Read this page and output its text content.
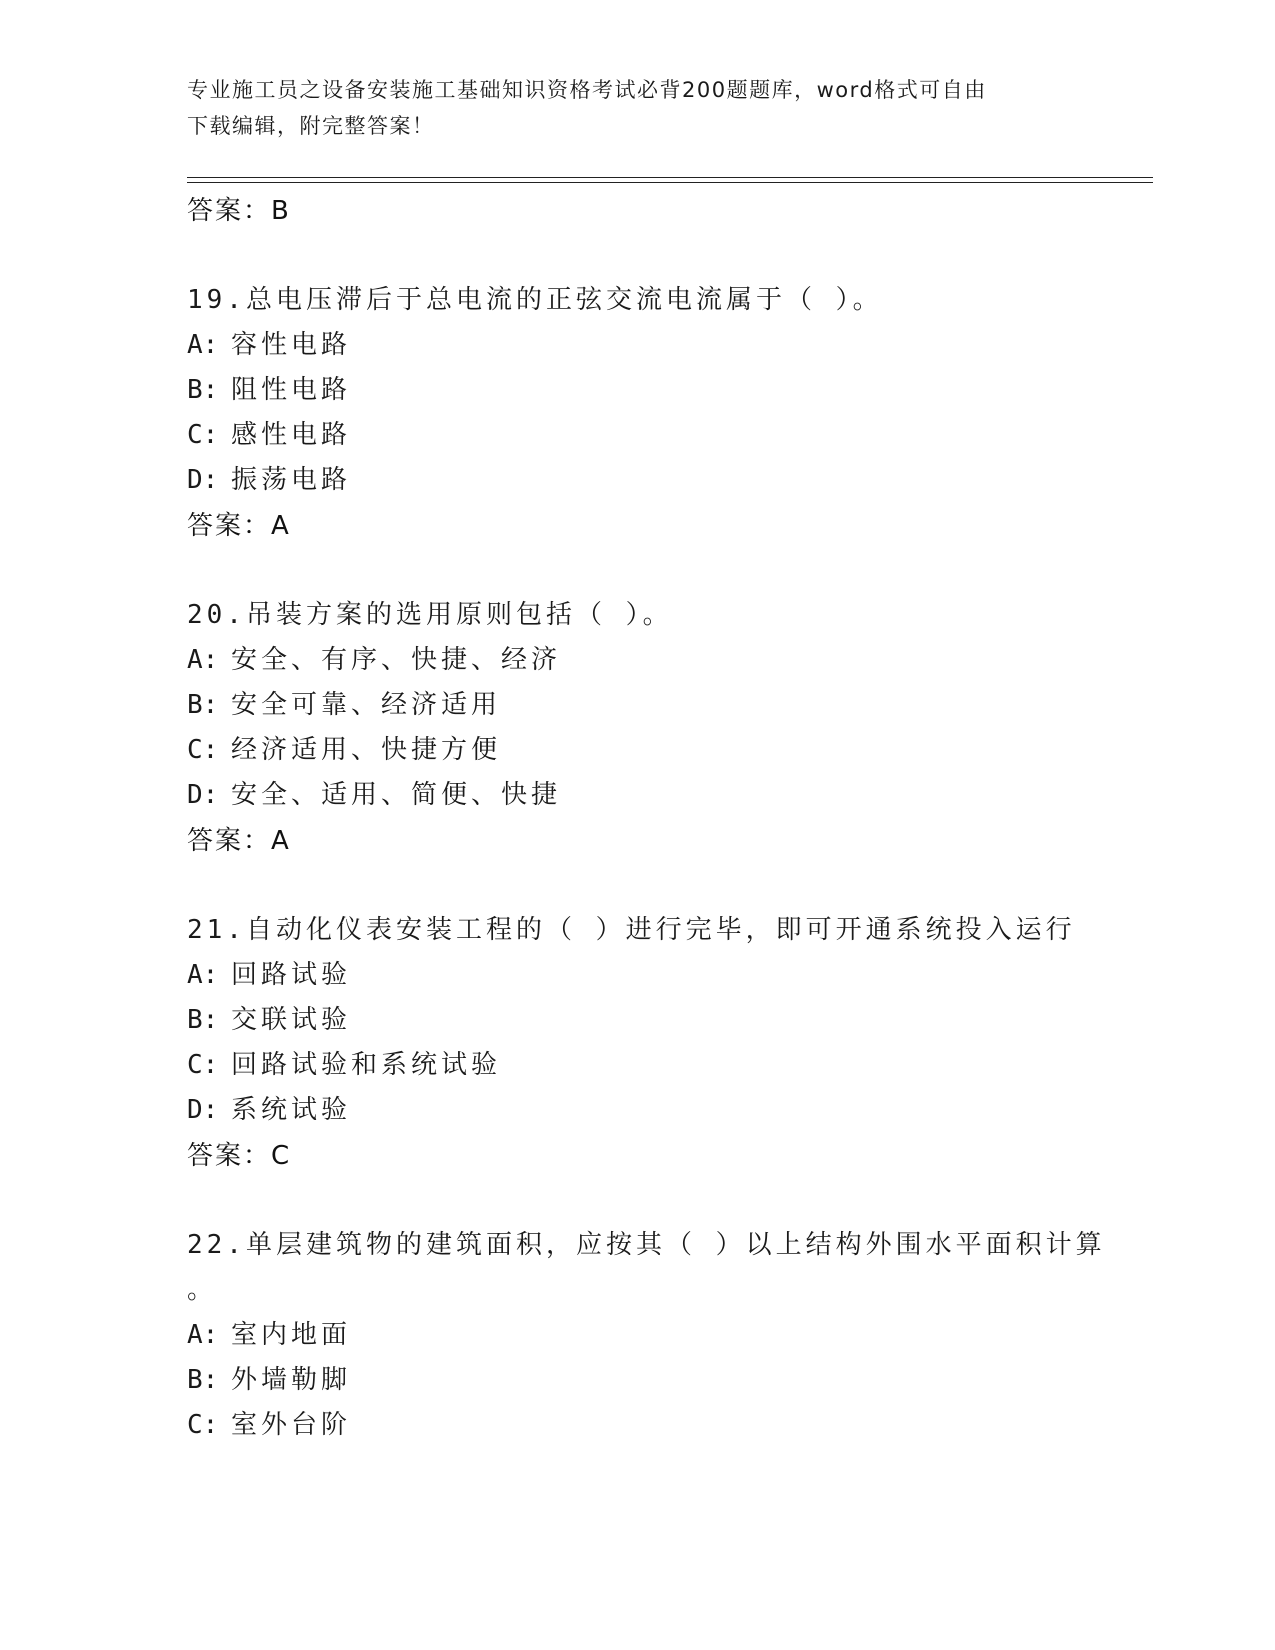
专业施工员之设备安装施工基础知识资格考试必背200题题库，word格式可自由
下载编辑，附完整答案！
答案：B
19.总电压滞后于总电流的正弦交流电流属于（ ）。
A: 容性电路
B: 阻性电路
C: 感性电路
D: 振荡电路
答案：A
20.吊装方案的选用原则包括（ ）。
A: 安全、有序、快捷、经济
B: 安全可靠、经济适用
C: 经济适用、快捷方便
D: 安全、适用、简便、快捷
答案：A
21.自动化仪表安装工程的（ ）进行完毕，即可开通系统投入运行
A: 回路试验
B: 交联试验
C: 回路试验和系统试验
D: 系统试验
答案：C
22.单层建筑物的建筑面积，应按其（ ）以上结构外围水平面积计算
。
A: 室内地面
B: 外墙勒脚
C: 室外台阶
